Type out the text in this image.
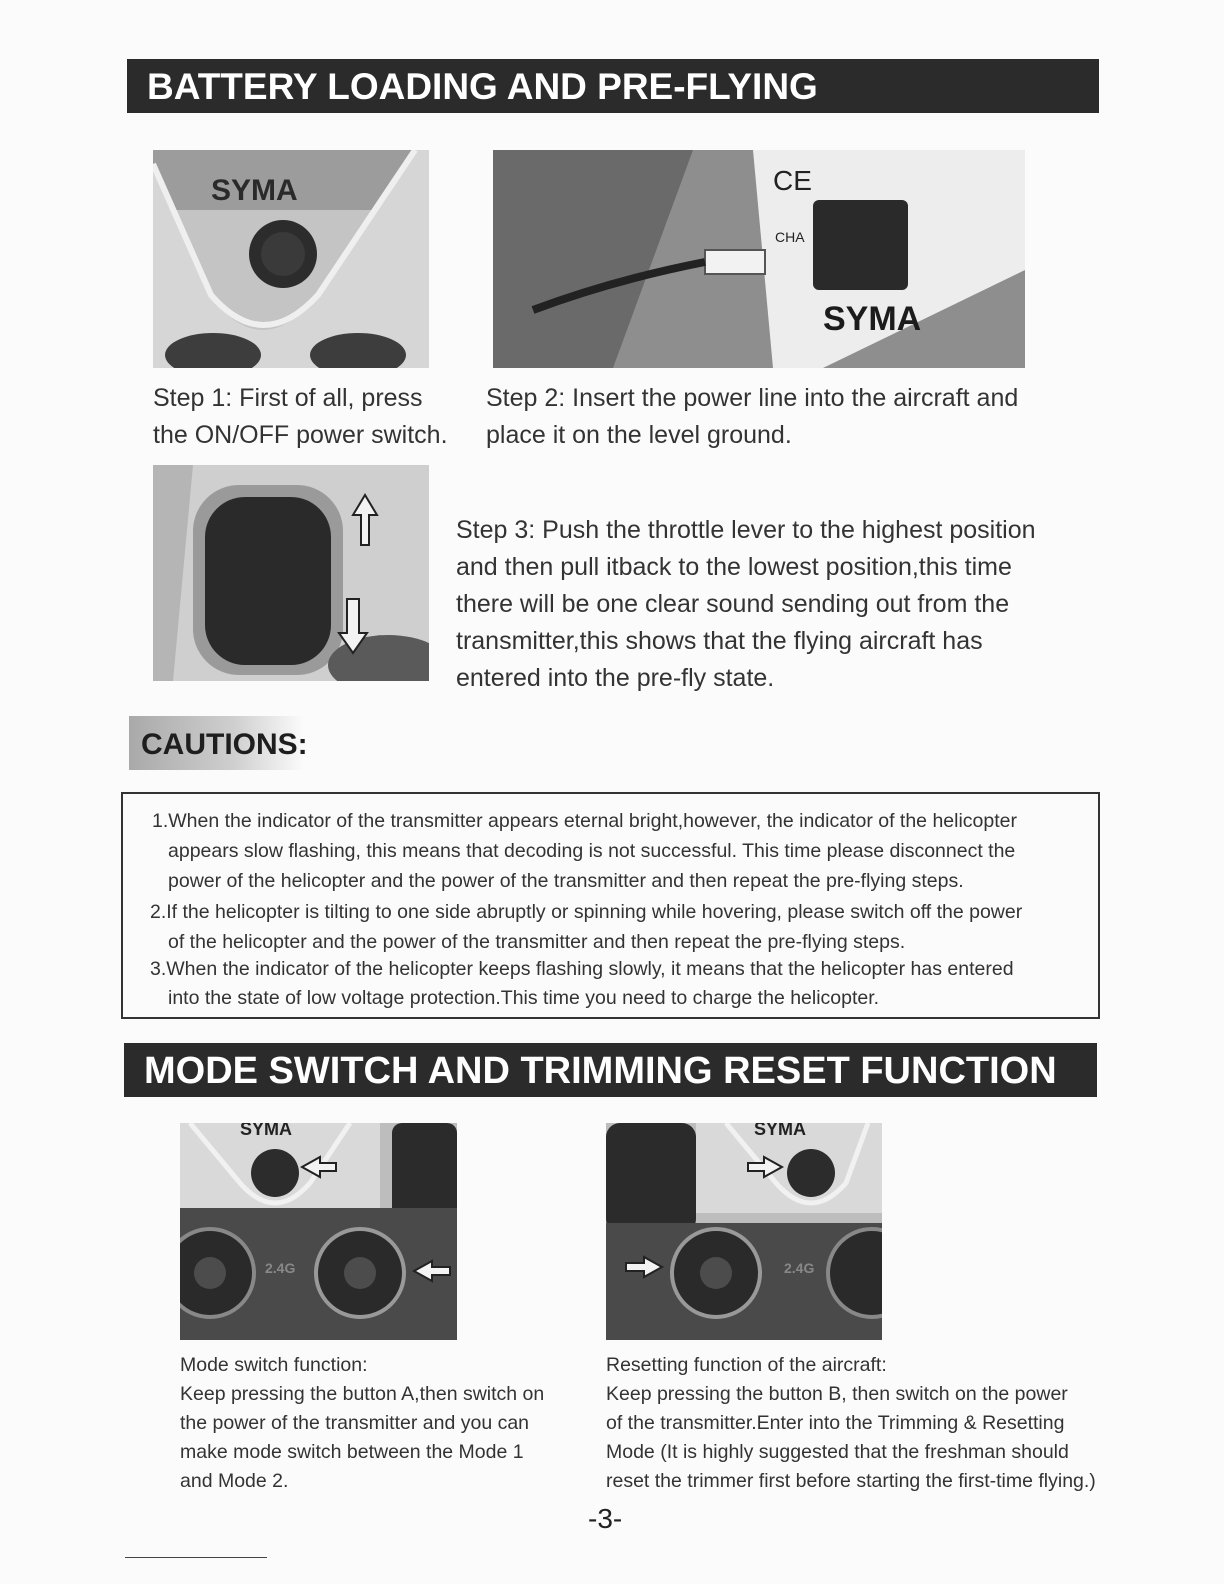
BATTERY LOADING AND PRE-FLYING
SYMA	CE
SYMA
CHA
Step 1: First of all, press
the ON/OFF power switch.
Step 2: Insert the power line into the aircraft and
place it on the level ground.
Step 3: Push the throttle lever to the highest position
and then pull itback to the lowest position,this time
there will be one clear sound sending out from the
transmitter,this shows that the flying aircraft has
entered into the pre-fly state.
CAUTIONS:
1.When the indicator of the transmitter appears eternal bright,however, the indicator of the helicopter
appears slow flashing, this means that decoding is not successful. This time please disconnect the
power of the helicopter and the power of the transmitter and then repeat the pre-flying steps.
2.If the helicopter is tilting to one side abruptly or spinning while hovering, please switch off the power
of the helicopter and the power of the transmitter and then repeat the pre-flying steps.
3.When the indicator of the helicopter keeps flashing slowly, it means that the helicopter has entered
into the state of low voltage protection.This time you need to charge the helicopter.
MODE SWITCH AND TRIMMING RESET FUNCTION
2.4G
SYMA
2.4G
SYMA
Mode switch function:
Keep pressing the button A,then switch on
the power of the transmitter and you can
make mode switch between the Mode 1
and Mode 2.
Resetting function of the aircraft:
Keep pressing the button B, then switch on the power
of the transmitter.Enter into the Trimming & Resetting
Mode (It is highly suggested that the freshman should
reset the trimmer first before starting the first-time flying.)
-3-
